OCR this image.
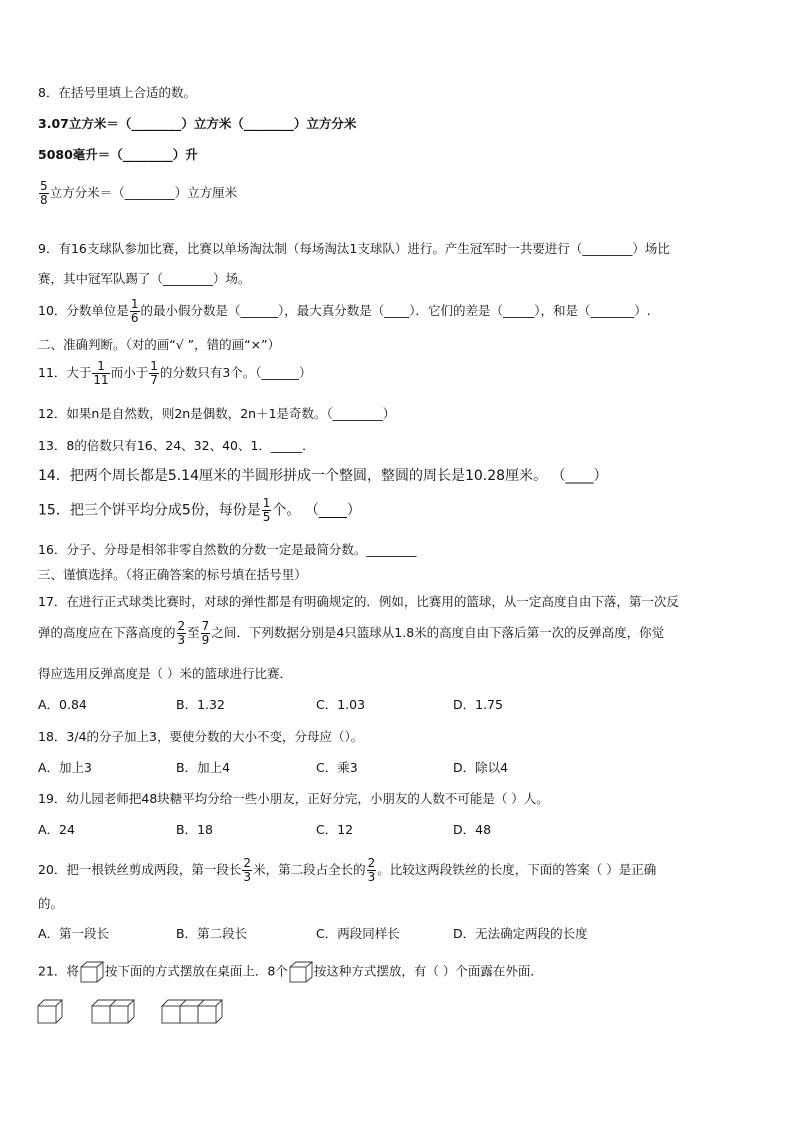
8．在括号里填上合适的数。
3.07立方米＝（________）立方米（________）立方分米
5080毫升＝（________）升
$\frac{5}{8}$ 立方分米＝（________）立方厘米
9．有16支球队参加比赛，比赛以单场淘汰制（每场淘汰1支球队）进行。产生冠军时一共要进行（________）场比
赛，其中冠军队踢了（________）场。
10．分数单位是 $\frac{1}{6}$ 的最小假分数是（______），最大真分数是（____）．它们的差是（_____），和是（_______）.
二、准确判断。（对的画“√ ”，错的画“×”）
11．大于 $\frac{1}{11}$ 而小于 $\frac{1}{7}$ 的分数只有3个。（______）
12．如果n是自然数，则2n是偶数，2n＋1是奇数。（________）
13．8的倍数只有16、24、32、40、1．_____．
14．把两个周长都是5.14厘米的半圆形拼成一个整圆，整圆的周长是10.28厘米。 （____）
15．把三个饼平均分成5份，每份是 $\frac{1}{5}$ 个。 （____）
16．分子、分母是相邻非零自然数的分数一定是最简分数。________
三、谨慎选择。（将正确答案的标号填在括号里）
17．在进行正式球类比赛时，对球的弹性都是有明确规定的．例如，比赛用的篮球，从一定高度自由下落，第一次反
弹的高度应在下落高度的 $\frac{2}{3}$ 至 $\frac{7}{9}$ 之间．下列数据分别是4只篮球从1.8米的高度自由下落后第一次的反弹高度，你觉
得应选用反弹高度是（ ）米的篮球进行比赛．
A．0.84	B．1.32	C．1.03	D．1.75
18．3/4的分子加上3，要使分数的大小不变，分母应（）。
A．加上3	B．加上4	C．乘3	D．除以4
19．幼儿园老师把48块糖平均分给一些小朋友，正好分完，小朋友的人数不可能是（ ）人。
A．24	B．18	C．12	D．48
20．把一根铁丝剪成两段，第一段长 $\frac{2}{3}$ 米，第二段占全长的 $\frac{2}{3}$ 。比较这两段铁丝的长度，下面的答案（ ）是正确
的。
A．第一段长	B．第二段长	C．两段同样长	D．无法确定两段的长度
21．将 按下面的方式摆放在桌面上．8个 按这种方式摆放，有（ ）个面露在外面．
